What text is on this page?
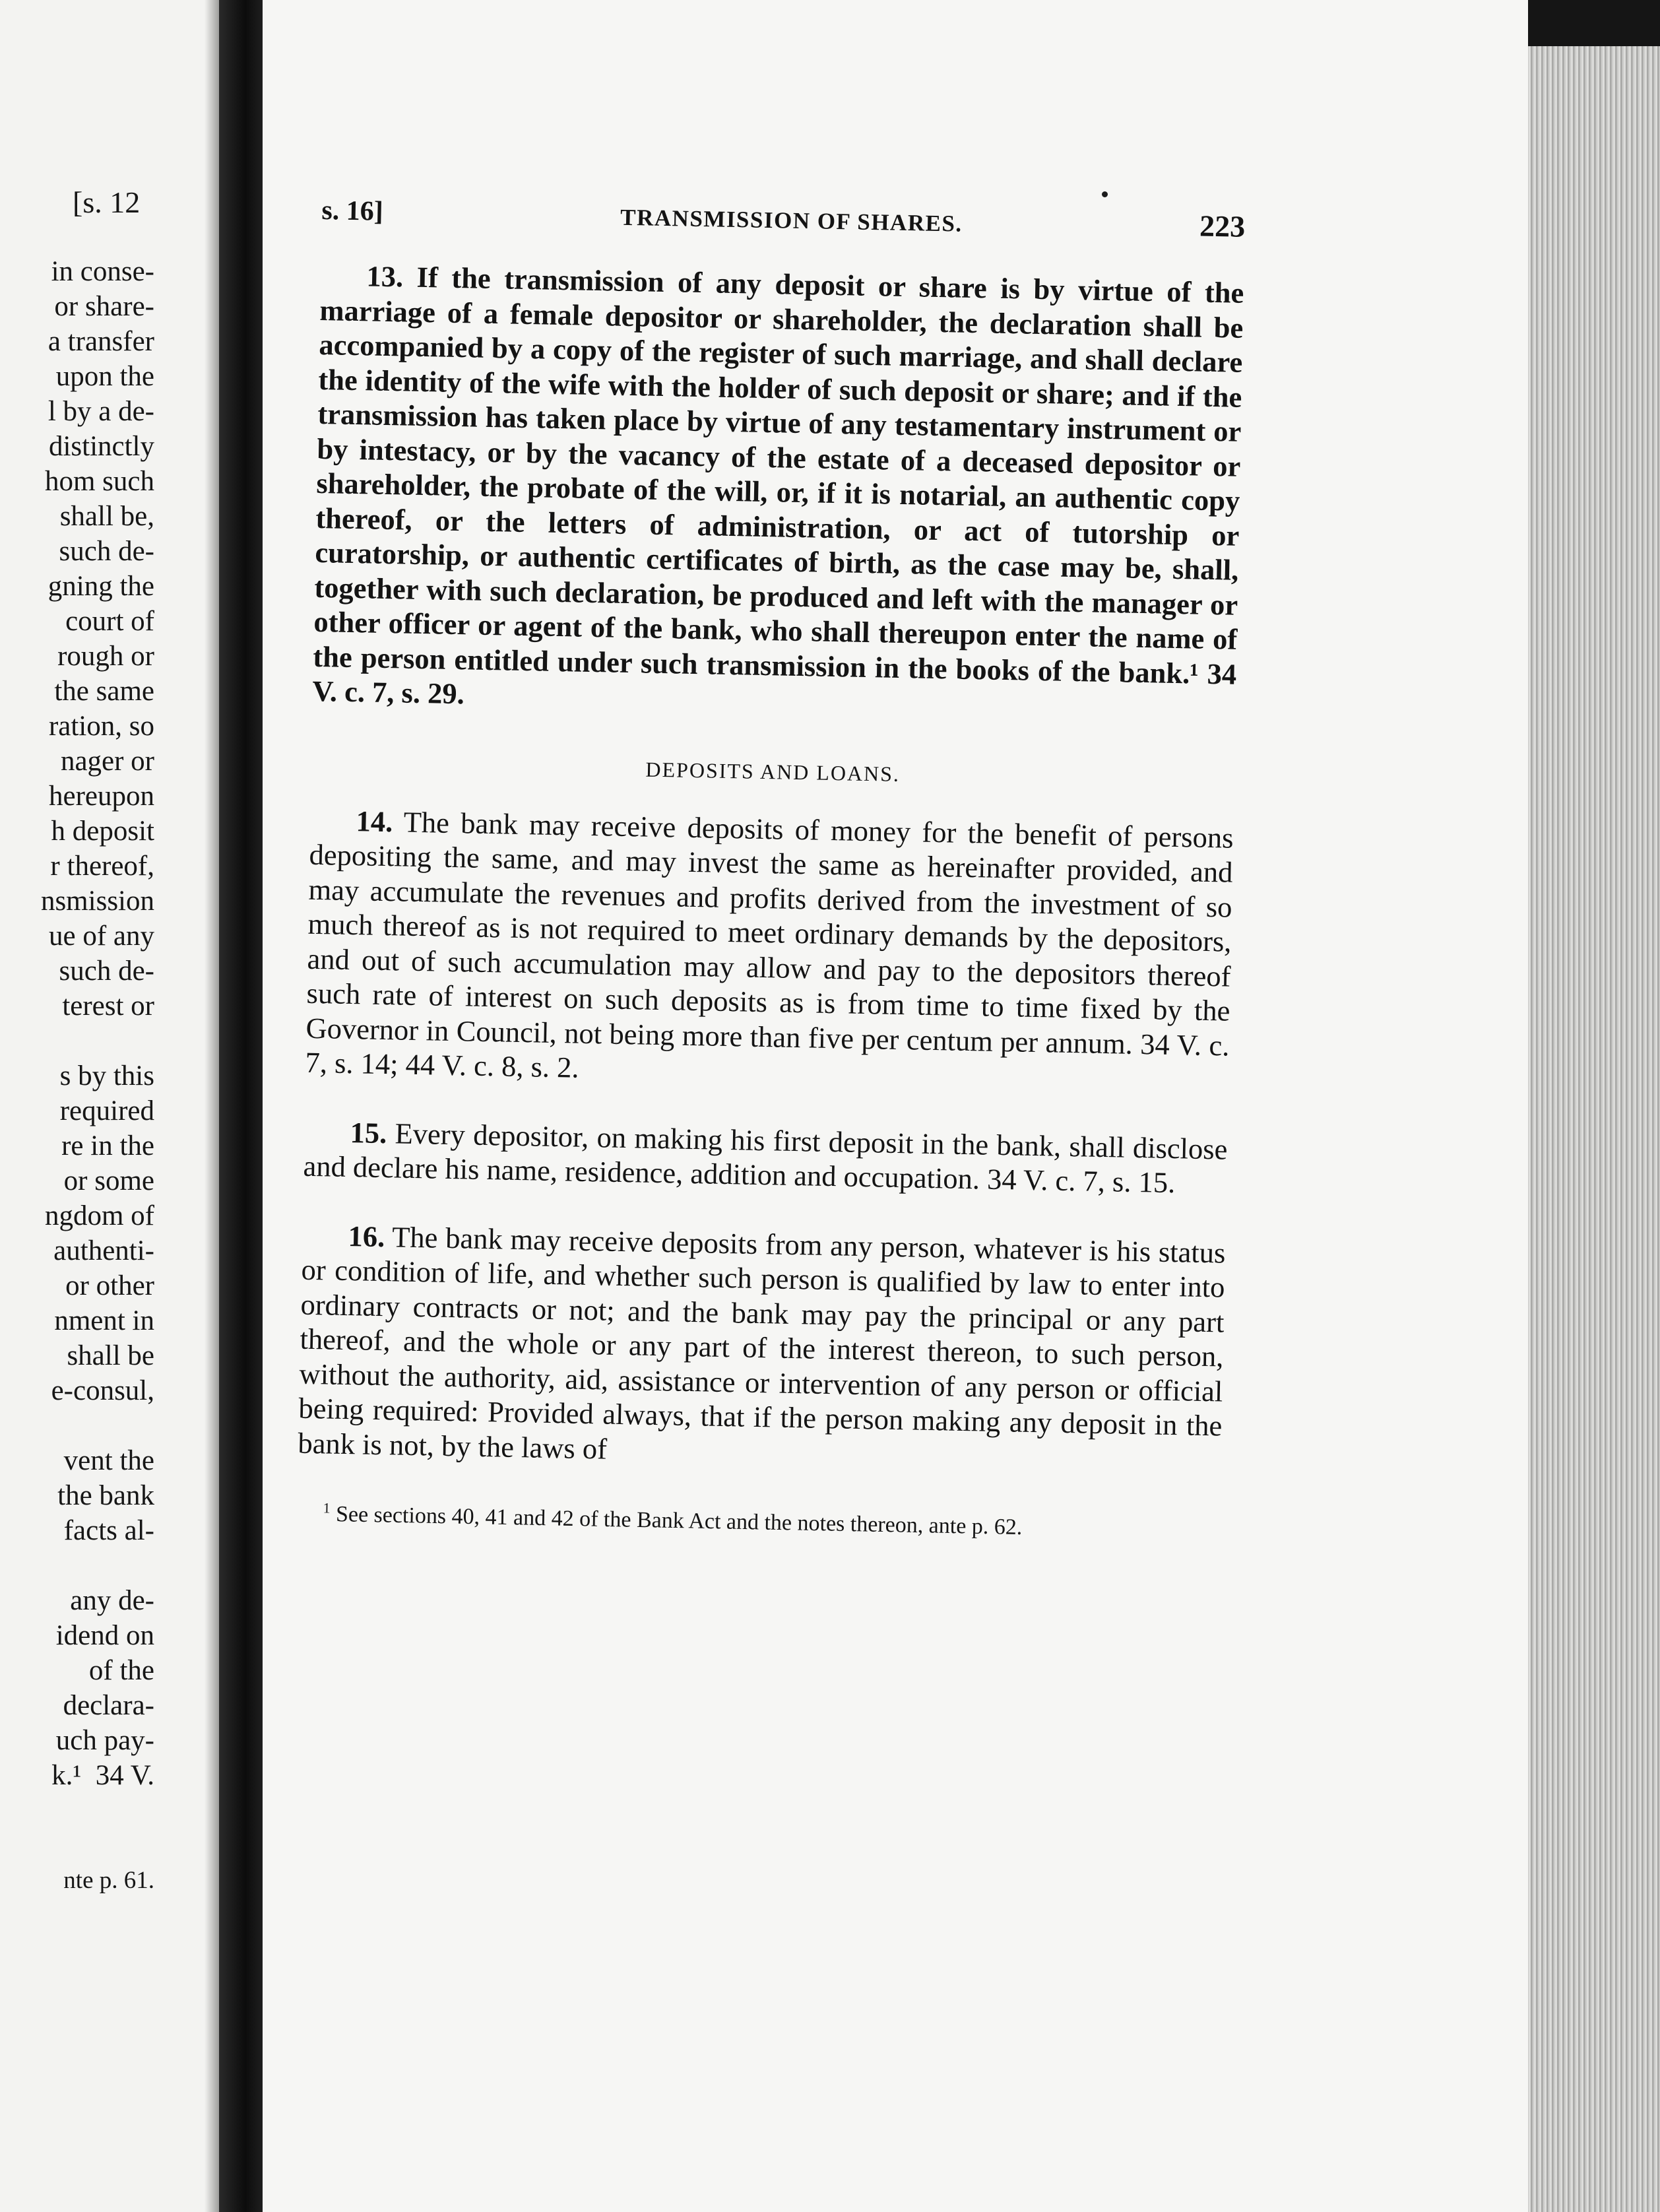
[s. 12
in conse-
or share-
a transfer
upon the
l by a de-
distinctly
hom such
shall be,
such de-
gning the
court of
rough or
the same
ration, so
nager or
hereupon
h deposit
r thereof,
nsmission
ue of any
such de-
terest or
s by this
required
re in the
or some
ngdom of
authenti-
or other
nment in
shall be
e-consul,
vent the
the bank
facts al-
any de-
idend on
of the
declara-
uch pay-
k.¹  34 V.
nte p. 61.
s. 16]	TRANSMISSION OF SHARES.	223

13. If the transmission of any deposit or share is by virtue of the marriage of a female depositor or shareholder, the declaration shall be accompanied by a copy of the register of such marriage, and shall declare the identity of the wife with the holder of such deposit or share; and if the transmission has taken place by virtue of any testamentary instrument or by intestacy, or by the vacancy of the estate of a deceased depositor or shareholder, the probate of the will, or, if it is notarial, an authentic copy thereof, or the letters of administration, or act of tutorship or curatorship, or authentic certificates of birth, as the case may be, shall, together with such declaration, be produced and left with the manager or other officer or agent of the bank, who shall thereupon enter the name of the person entitled under such transmission in the books of the bank.¹ 34 V. c. 7, s. 29.

DEPOSITS AND LOANS.

14. The bank may receive deposits of money for the benefit of persons depositing the same, and may invest the same as hereinafter provided, and may accumulate the revenues and profits derived from the investment of so much thereof as is not required to meet ordinary demands by the depositors, and out of such accumulation may allow and pay to the depositors thereof such rate of interest on such deposits as is from time to time fixed by the Governor in Council, not being more than five per centum per annum. 34 V. c. 7, s. 14; 44 V. c. 8, s. 2.

15. Every depositor, on making his first deposit in the bank, shall disclose and declare his name, residence, addition and occupation. 34 V. c. 7, s. 15.

16. The bank may receive deposits from any person, whatever is his status or condition of life, and whether such person is qualified by law to enter into ordinary contracts or not; and the bank may pay the principal or any part thereof, and the whole or any part of the interest thereon, to such person, without the authority, aid, assistance or intervention of any person or official being required: Provided always, that if the person making any deposit in the bank is not, by the laws of

$^1$ See sections 40, 41 and 42 of the Bank Act and the notes thereon, ante p. 62.
